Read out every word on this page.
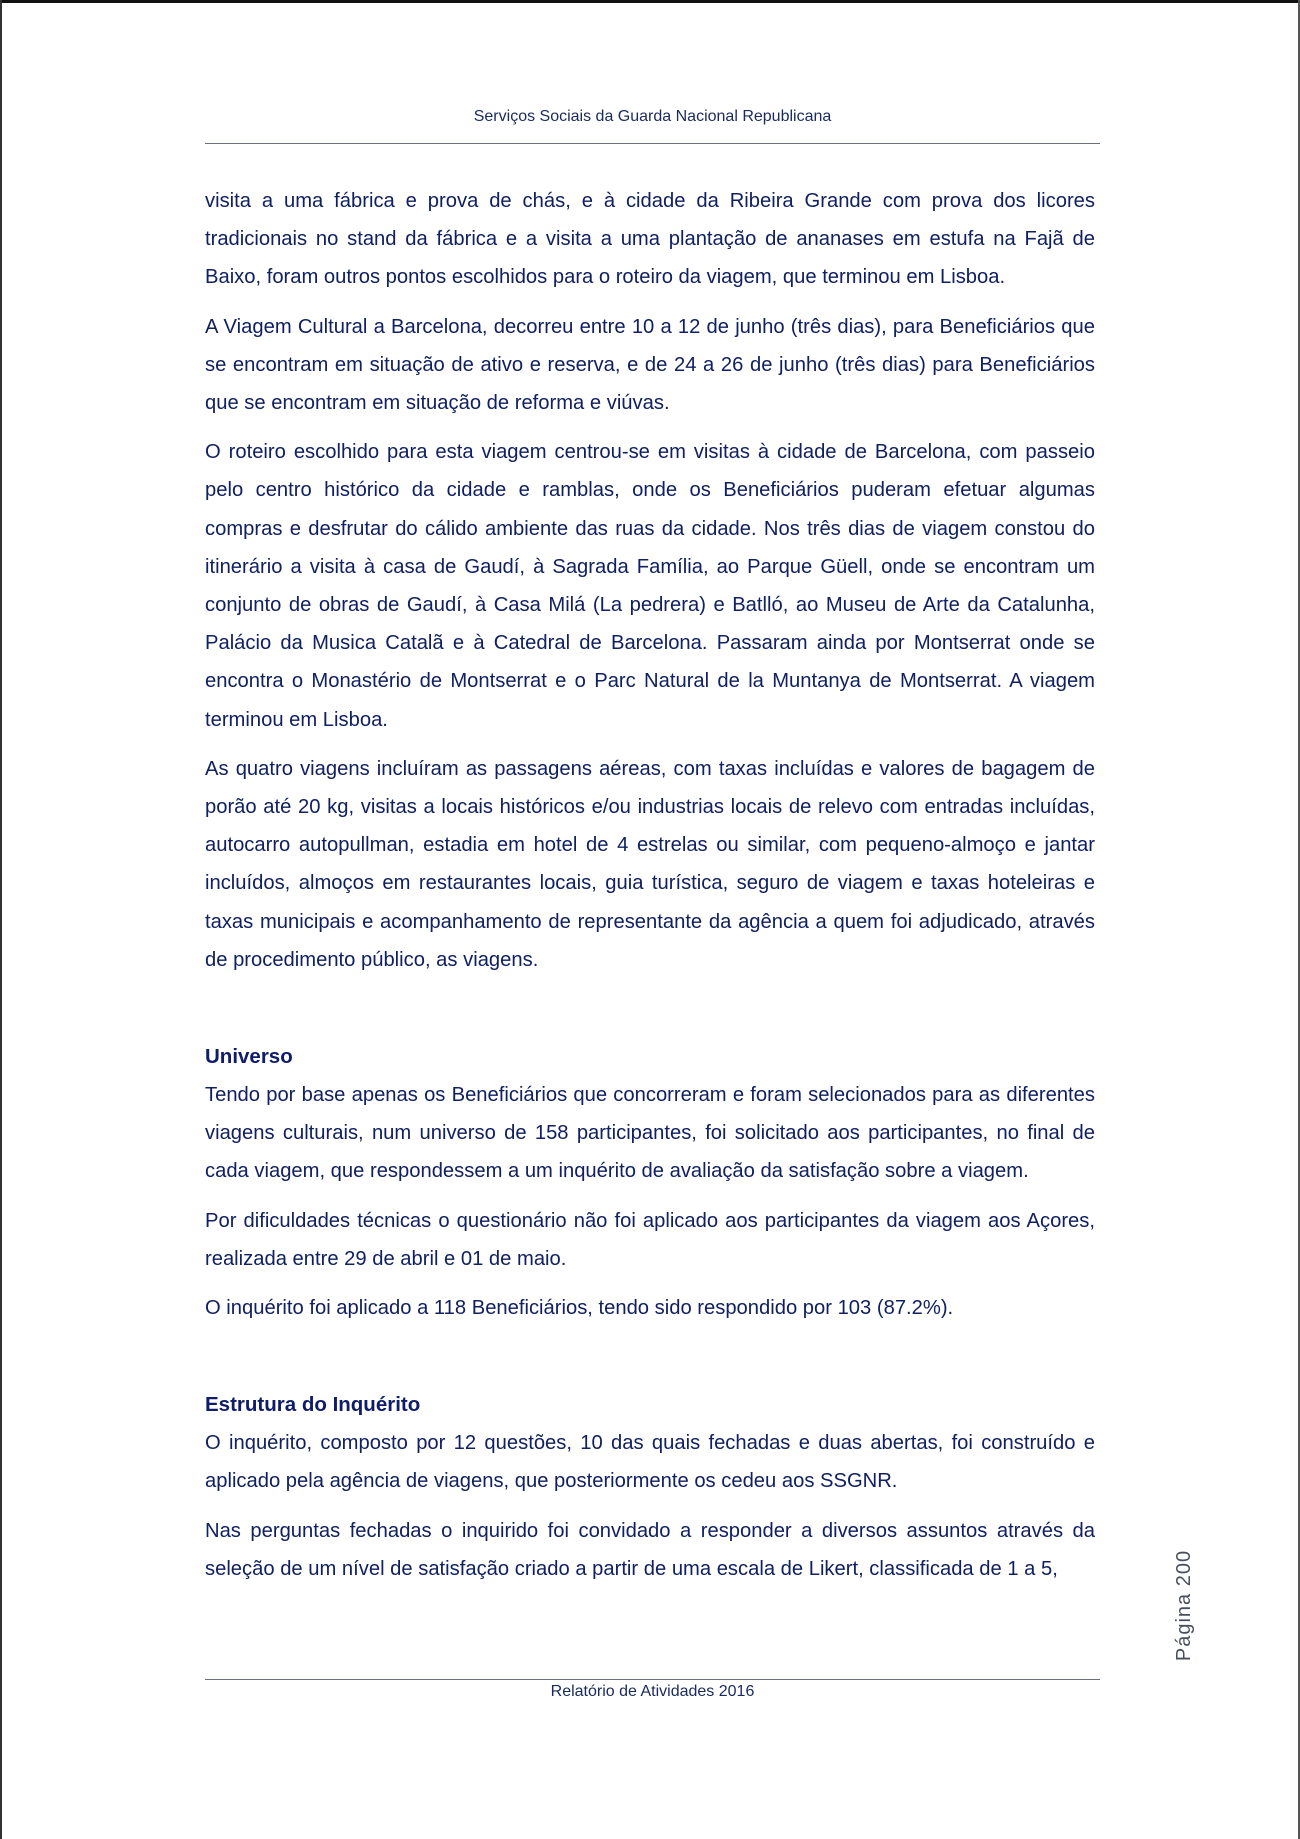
Serviços Sociais da Guarda Nacional Republicana

visita a uma fábrica e prova de chás, e à cidade da Ribeira Grande com prova dos licores tradicionais no stand da fábrica e a visita a uma plantação de ananases em estufa na Fajã de Baixo, foram outros pontos escolhidos para o roteiro da viagem, que terminou em Lisboa.

A Viagem Cultural a Barcelona, decorreu entre 10 a 12 de junho (três dias), para Beneficiários que se encontram em situação de ativo e reserva, e de 24 a 26 de junho (três dias) para Beneficiários que se encontram em situação de reforma e viúvas.

O roteiro escolhido para esta viagem centrou-se em visitas à cidade de Barcelona, com passeio pelo centro histórico da cidade e ramblas, onde os Beneficiários puderam efetuar algumas compras e desfrutar do cálido ambiente das ruas da cidade. Nos três dias de viagem constou do itinerário a visita à casa de Gaudí, à Sagrada Família, ao Parque Güell, onde se encontram um conjunto de obras de Gaudí, à Casa Milá (La pedrera) e Batlló, ao Museu de Arte da Catalunha, Palácio da Musica Catalã e à Catedral de Barcelona. Passaram ainda por Montserrat onde se encontra o Monastério de Montserrat e o Parc Natural de la Muntanya de Montserrat. A viagem terminou em Lisboa.

As quatro viagens incluíram as passagens aéreas, com taxas incluídas e valores de bagagem de porão até 20 kg, visitas a locais históricos e/ou industrias locais de relevo com entradas incluídas, autocarro autopullman, estadia em hotel de 4 estrelas ou similar, com pequeno-almoço e jantar incluídos, almoços em restaurantes locais, guia turística, seguro de viagem e taxas hoteleiras e taxas municipais e acompanhamento de representante da agência a quem foi adjudicado, através de procedimento público, as viagens.

Universo

Tendo por base apenas os Beneficiários que concorreram e foram selecionados para as diferentes viagens culturais, num universo de 158 participantes, foi solicitado aos participantes, no final de cada viagem, que respondessem a um inquérito de avaliação da satisfação sobre a viagem.

Por dificuldades técnicas o questionário não foi aplicado aos participantes da viagem aos Açores, realizada entre 29 de abril e 01 de maio.

O inquérito foi aplicado a 118 Beneficiários, tendo sido respondido por 103 (87.2%).

Estrutura do Inquérito

O inquérito, composto por 12 questões, 10 das quais fechadas e duas abertas, foi construído e aplicado pela agência de viagens, que posteriormente os cedeu aos SSGNR.

Nas perguntas fechadas o inquirido foi convidado a responder a diversos assuntos através da seleção de um nível de satisfação criado a partir de uma escala de Likert, classificada de 1 a 5,	Página 200
Relatório de Atividades 2016
